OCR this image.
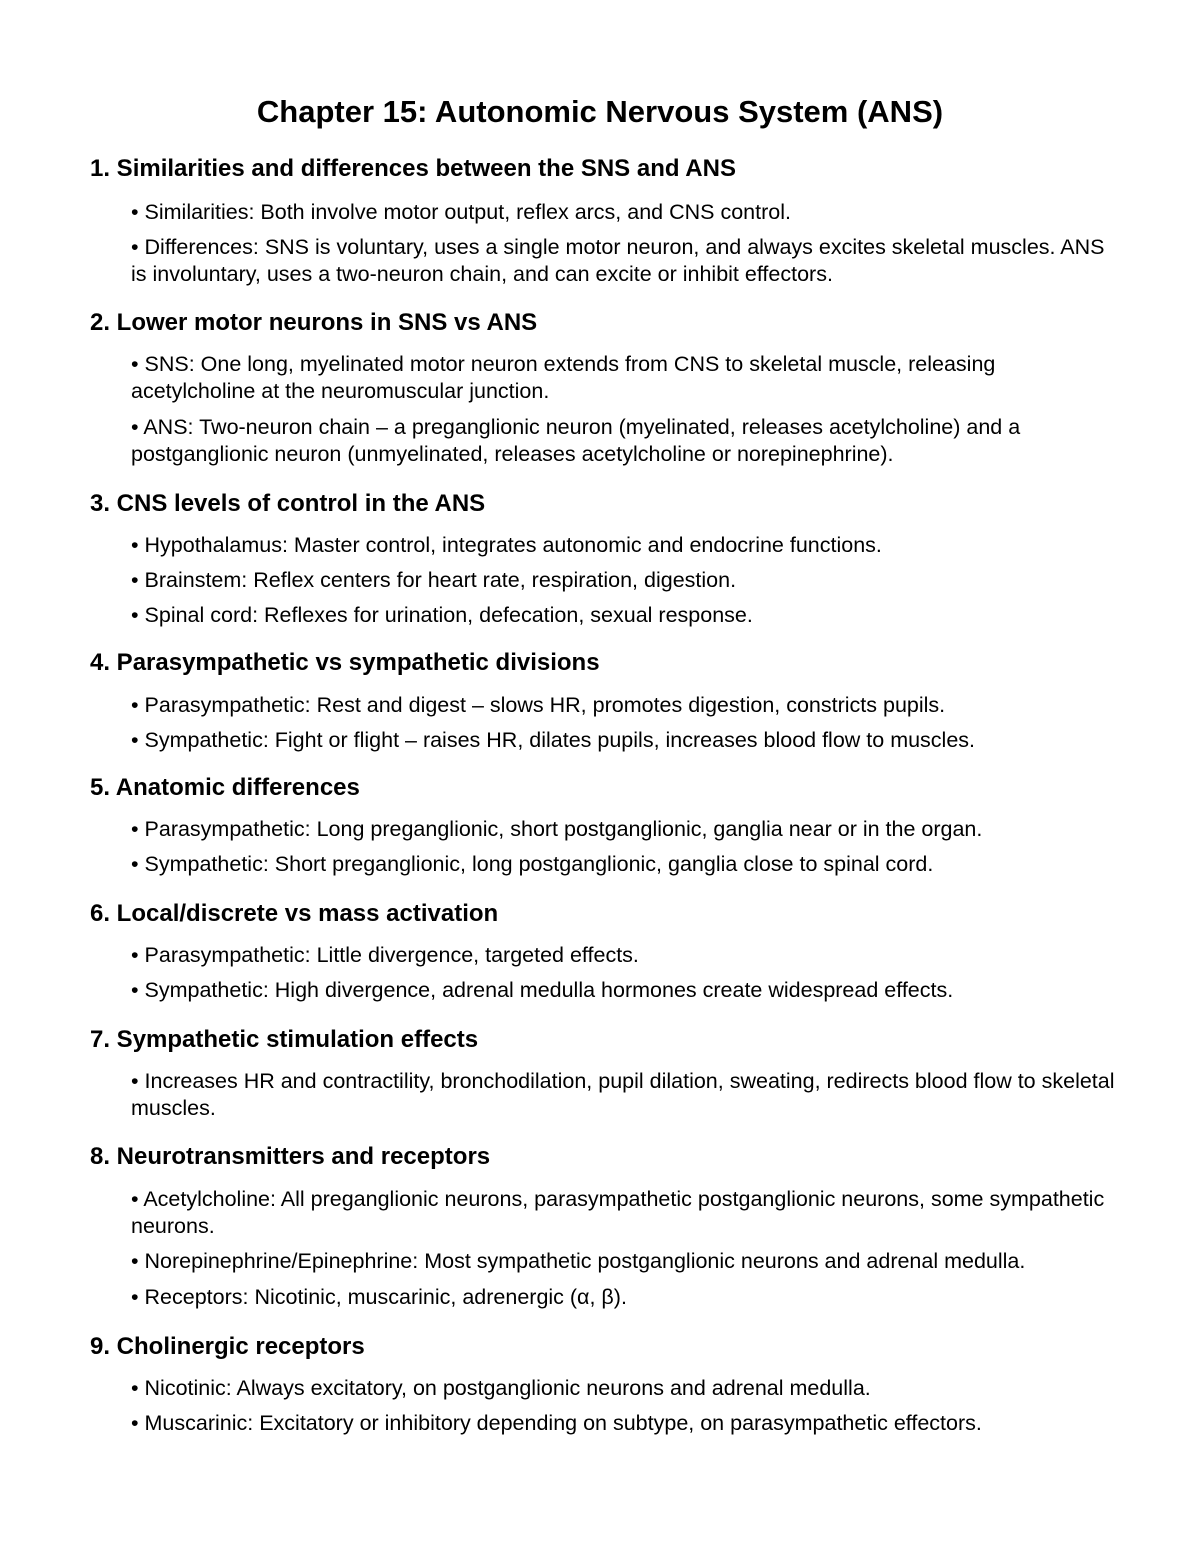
Chapter 15: Autonomic Nervous System (ANS)
1. Similarities and differences between the SNS and ANS

• Similarities: Both involve motor output, reflex arcs, and CNS control.

• Differences: SNS is voluntary, uses a single motor neuron, and always excites skeletal muscles. ANS is involuntary, uses a two-neuron chain, and can excite or inhibit effectors.

2. Lower motor neurons in SNS vs ANS

• SNS: One long, myelinated motor neuron extends from CNS to skeletal muscle, releasing acetylcholine at the neuromuscular junction.

• ANS: Two-neuron chain – a preganglionic neuron (myelinated, releases acetylcholine) and a postganglionic neuron (unmyelinated, releases acetylcholine or norepinephrine).

3. CNS levels of control in the ANS

• Hypothalamus: Master control, integrates autonomic and endocrine functions.

• Brainstem: Reflex centers for heart rate, respiration, digestion.

• Spinal cord: Reflexes for urination, defecation, sexual response.

4. Parasympathetic vs sympathetic divisions

• Parasympathetic: Rest and digest – slows HR, promotes digestion, constricts pupils.

• Sympathetic: Fight or flight – raises HR, dilates pupils, increases blood flow to muscles.

5. Anatomic differences

• Parasympathetic: Long preganglionic, short postganglionic, ganglia near or in the organ.

• Sympathetic: Short preganglionic, long postganglionic, ganglia close to spinal cord.

6. Local/discrete vs mass activation

• Parasympathetic: Little divergence, targeted effects.

• Sympathetic: High divergence, adrenal medulla hormones create widespread effects.

7. Sympathetic stimulation effects

• Increases HR and contractility, bronchodilation, pupil dilation, sweating, redirects blood flow to skeletal muscles.

8. Neurotransmitters and receptors

• Acetylcholine: All preganglionic neurons, parasympathetic postganglionic neurons, some sympathetic neurons.

• Norepinephrine/Epinephrine: Most sympathetic postganglionic neurons and adrenal medulla.

• Receptors: Nicotinic, muscarinic, adrenergic (α, β).

9. Cholinergic receptors

• Nicotinic: Always excitatory, on postganglionic neurons and adrenal medulla.

• Muscarinic: Excitatory or inhibitory depending on subtype, on parasympathetic effectors.
